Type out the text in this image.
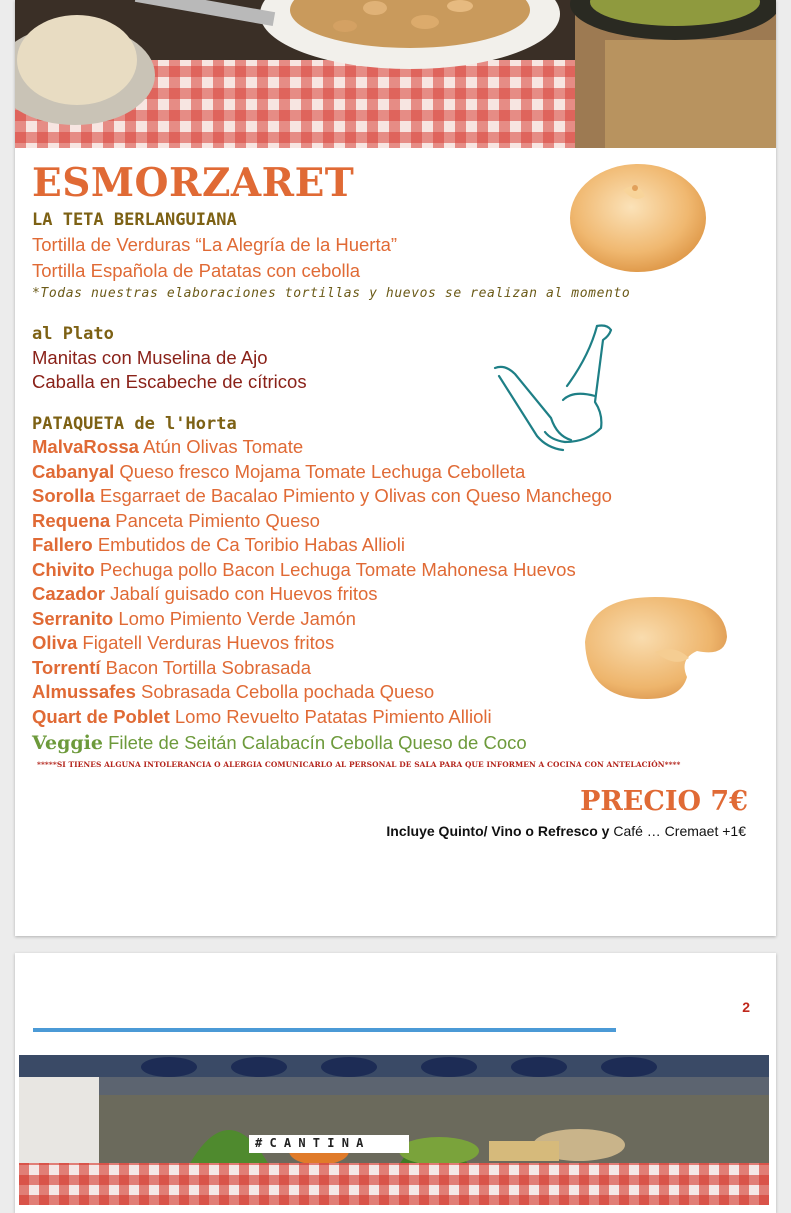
ESMORZARET

LA TETA BERLANGUIANA

Tortilla de Verduras “La Alegría de la Huerta”

Tortilla Española de Patatas con cebolla

*Todas nuestras elaboraciones tortillas y huevos se realizan al momento

al Plato

Manitas con Muselina de Ajo

Caballa en Escabeche de cítricos

PATAQUETA de l'Horta

MalvaRossa Atún Olivas Tomate

Cabanyal Queso fresco Mojama Tomate Lechuga Cebolleta

Sorolla Esgarraet de Bacalao Pimiento y Olivas con Queso Manchego

Requena Panceta Pimiento Queso

Fallero Embutidos de Ca Toribio Habas Allioli

Chivito Pechuga pollo Bacon Lechuga Tomate Mahonesa Huevos

Cazador Jabalí guisado con Huevos fritos

Serranito Lomo Pimiento Verde Jamón

Oliva Figatell Verduras Huevos fritos

Torrentí Bacon Tortilla Sobrasada

Almussafes Sobrasada Cebolla pochada Queso

Quart de Poblet Lomo Revuelto Patatas Pimiento Allioli

Veggie Filete de Seitán Calabacín Cebolla Queso de Coco

*****SI TIENES ALGUNA INTOLERANCIA O ALERGIA COMUNICARLO AL PERSONAL DE SALA PARA QUE INFORMEN A COCINA CON ANTELACIÓN****

PRECIO 7€

Incluye Quinto/ Vino o Refresco y Café … Cremaet +1€

2
# C A N T I N A
